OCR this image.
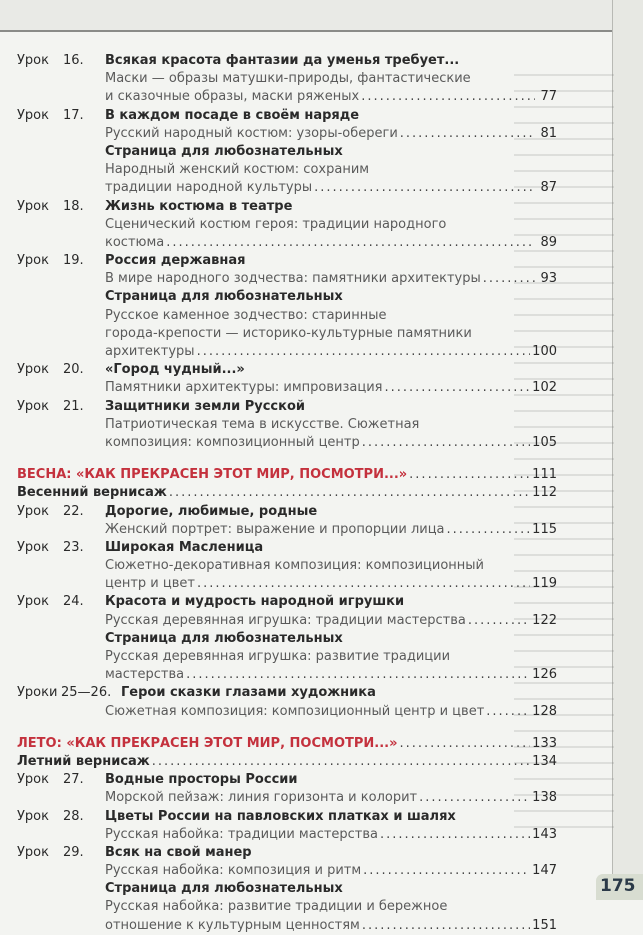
Урок 16.	Всякая красота фантазии да уменья требует...
Маски — образы матушки-природы, фантастические
и сказочные образы, маски ряженых .....	77
Урок 17.	В каждом посаде в своём наряде
Русский народный костюм: узоры-обереги .....	81
Страница для любознательных
Народный женский костюм: сохраним
традиции народной культуры .....	87
Урок 18.	Жизнь костюма в театре
Сценический костюм героя: традиции народного
костюма .....	89
Урок 19.	Россия державная
В мире народного зодчества: памятники архитектуры .....	93
Страница для любознательных
Русское каменное зодчество: старинные
города-крепости — историко-культурные памятники
архитектуры .....	100
Урок 20.	«Город чудный...»
Памятники архитектуры: импровизация .....	102
Урок 21.	Защитники земли Русской
Патриотическая тема в искусстве. Сюжетная
композиция: композиционный центр .....	105
ВЕСНА: «КАК ПРЕКРАСЕН ЭТОТ МИР, ПОСМОТРИ...» .....	111
Весенний вернисаж .....	112
Урок 22.	Дорогие, любимые, родные
Женский портрет: выражение и пропорции лица .....	115
Урок 23.	Широкая Масленица
Сюжетно-декоративная композиция: композиционный
центр и цвет .....	119
Урок 24.	Красота и мудрость народной игрушки
Русская деревянная игрушка: традиции мастерства .....	122
Страница для любознательных
Русская деревянная игрушка: развитие традиции
мастерства .....	126
Уроки 25—26. Герои сказки глазами художника
Сюжетная композиция: композиционный центр и цвет .....	128
ЛЕТО: «КАК ПРЕКРАСЕН ЭТОТ МИР, ПОСМОТРИ...» .....	133
Летний вернисаж .....	134
Урок 27.	Водные просторы России
Морской пейзаж: линия горизонта и колорит .....	138
Урок 28.	Цветы России на павловских платках и шалях
Русская набойка: традиции мастерства .....	143
Урок 29.	Всяк на свой манер
Русская набойка: композиция и ритм .....	147
Страница для любознательных
Русская набойка: развитие традиции и бережное
отношение к культурным ценностям .....	151
175
